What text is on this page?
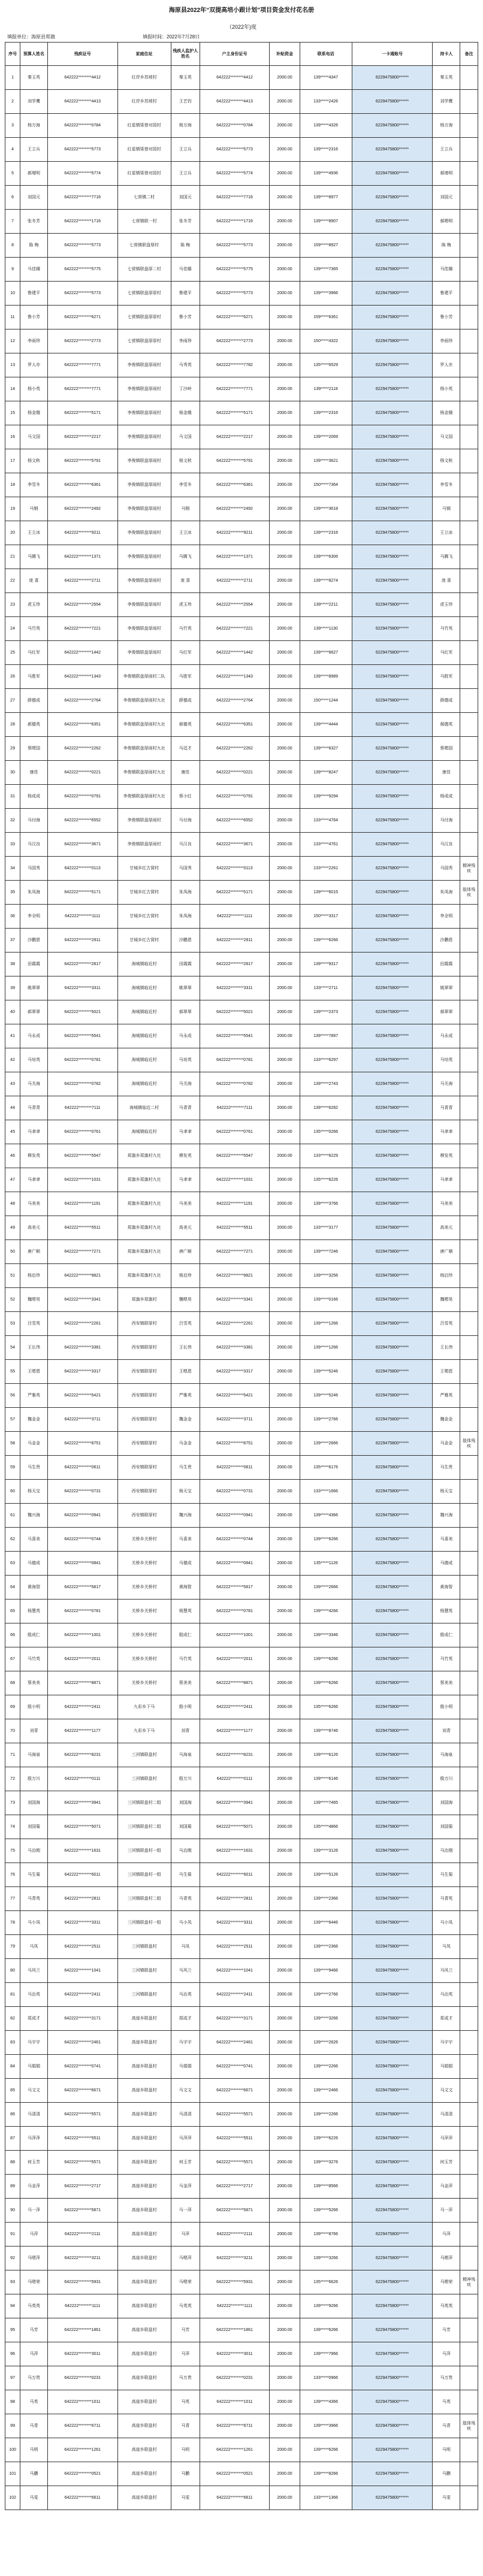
海原县2022年“双提高培小跟计划”项目资金发付花名册
（2022年)度
填报单位：海原县郑旗	填报时间：2022年7月28日
序号	预算人姓名	残疾证号	家庭住址	残疾人监护人姓名	户主身份证号	补贴资金	联系电话	一卡通账号	持卡人	备注
1	秦玉英	642222********4412	红岸乡苏坡村	秦玉英	642222********4412	2000.00	139*****4347	6229475800******	秦玉英	
2	刘学鹰	642222********4413	红岸乡苏坡村	王艺钧	642222********4413	2000.00	133*****2426	6229475800******	刘学鹰	
3	杨万海	642222********0784	红星镇梁登对园村	杨万海	642222********0784	2000.00	139*****4326	6229475800******	杨万海	
4	王立兵	642222********5773	红星镇梁登对园村	王立兵	642222********5773	2000.00	139*****2316	6229475800******	王立兵	
5	郝增明	642222********5774	红星镇梁登对园村	王立兵	642222********5774	2000.00	139*****4936	6229475800******	郝增明	
6	刘国元	642222********7716	七营镇二村	刘国元	642222********7716	2000.00	139*****8977	6229475800******	刘国元	
7	张冬芳	642222********1716	七营镇联一村	张冬芳	642222********1716	2000.00	139*****8907	6229475800******	郝嗯明	
8	陈 梅	642222********5773	七营镇联盘厚村	陈 梅	642222********5773	2000.00	159*****8927	6229475800******	陈 梅	
9	马佳娜	642222********5775	七营镇联盘厚二村	马佳娜	642222********5775	2000.00	139*****7365	6229475800******	马佳娜	
10	鲁建平	642222********5773	七营镇联盘厚厚村	鲁建平	642222********5773	2000.00	139*****3966	6229475800******	鲁建平	
11	鲁小芳	642222********6271	七营镇联盘厚厚村	鲁小芳	642222********6271	2000.00	159*****6361	6229475800******	鲁小芳	
12	李雨珍	642222********2773	七营镇联盘厚厚村	李雨珍	642222********2773	2000.00	150*****4322	6229475800******	李雨珍	
13	罗人亦	642222********7771	李俊镇联盘厚雨村	马秀英	642222********7782	2000.00	135*****6529	6229475800******	罗人亦	
14	杨小英	642222********7771	李俊镇联盘厚雨村	丁沙岭	642222********7771	2000.00	139*****2118	6229475800******	杨小英	
15	杨金娥	642222********5171	李俊镇联盘厚雨村	杨金娥	642222********5171	2000.00	139*****2316	6229475800******	杨金娥	
16	马文国	642222********2217	李俊镇联盘厚雨村	马文国	642222********2217	2000.00	139*****2069	6229475800******	马文国	
17	杨文秋	642222********5791	李俊镇联盘厚雨村	杨文秋	642222********5791	2000.00	139*****3621	6229475800******	杨文秋	
18	李雪冬	642222********6361	李俊镇联盘厚雨村	李雪冬	642222********6361	2000.00	150*****7364	6229475800******	李雪冬	
19	马钢	642222********2492	李俊镇联盘厚雨村	马钢	642222********2492	2000.00	139*****3618	6229475800******	马钢	
20	王立冰	642222********9211	李俊镇联盘厚雨村	王立冰	642222********9211	2000.00	139*****2316	6229475800******	王立冰	
21	马腾飞	642222********1371	李俊镇联盘厚雨村	马腾飞	642222********1371	2000.00	139*****6306	6229475800******	马腾飞	
22	庞 喜	642222********2711	李俊镇联盘厚雨村	庞 喜	642222********2711	2000.00	139*****8274	6229475800******	庞 喜	
23	虎玉珍	642222********2554	李俊镇联盘厚雨村	虎玉珍	642222********2554	2000.00	139*****2211	6229475800******	虎玉珍	
24	马竹英	642222********7221	李俊镇联盘厚雨村	马竹英	642222********7221	2000.00	139*****1130	6229475800******	马竹英	
25	马红军	642222********1442	李俊镇联盘厚雨村	马红军	642222********1442	2000.00	139*****6627	6229475800******	马红军	
26	马胜军	642222********1343	李俊镇联盘厚雨村二队	马胜军	642222********1343	2000.00	139*****8989	6229475800******	马胜军	
27	薛德成	642222********2764	李俊镇联盘厚雨村九社	薛德成	642222********2764	2000.00	150*****1244	6229475800******	薛德成	
28	郝德英	642222********6351	李俊镇联盘厚雨村九社	郝德英	642222********6351	2000.00	139*****4444	6229475800******	郝德英	
29	蔡嗯国	642222********2262	李俊镇联盘厚雨村九社	马廷才	642222********2262	2000.00	139*****6327	6229475800******	蔡嗯国	
30	康佳	642222********0221	李俊镇联盘厚雨村九社	康佳	642222********0221	2000.00	139*****8247	6229475800******	康佳	
31	杨成成	642222********0791	李俊镇联盘厚雨村九社	蔡小红	642222********0791	2000.00	139*****9294	6229475800******	杨成成	
32	马付海	642222********6552	李俊镇联盘厚雨村	马付海	642222********6552	2000.00	133*****4764	6229475800******	马付海	
33	马汉良	642222********3671	李俊镇联盘厚雨村	马汉良	642222********3671	2000.00	133*****4761	6229475800******	马汉良	
34	马国秀	642222********0113	甘城乡红古窝村	马国秀	642222********0113	2000.00	133*****2261	6229475800******	马国秀	精神残疾
35	朱凤海	642222********5171	甘城乡红古窝村	朱凤海	642222********5171	2000.00	139*****6015	6229475800******	朱凤海	肢体残疾
36	李全明	642222********1111	甘城乡红古窝村	朱凤海	642222********1111	2000.00	150*****3317	6229475800******	李全明	
37	沙鹏恩	642222********2911	甘城乡红古窝村	沙鹏恩	642222********2911	2000.00	139*****6266	6229475800******	沙鹏恩	
38	田霞霞	642222********2817	海城镇临近村	田霞霞	642222********2817	2000.00	139*****9317	6229475800******	田霞霞	
39	姚翠翠	642222********3311	海城镇临近村	姚翠翠	642222********3311	2000.00	133*****2711	6229475800******	姚翠翠	
40	郝翠翠	642222********5021	海城镇临近村	郝翠翠	642222********5021	2000.00	139*****2373	6229475800******	郝翠翠	
41	马永成	642222********5541	海城镇临近村	马永成	642222********5541	2000.00	139*****7897	6229475800******	马永成	
42	马培英	642222********0781	海城镇临近村	马培英	642222********0781	2000.00	133*****6297	6229475800******	马培英	
43	马关海	642222********0782	海城镇临近村	马关海	642222********0782	2000.00	139*****2743	6229475800******	马关海	
44	马青青	642222********7111	海城镇临近二村	马青青	642222********7111	2000.00	139*****6282	6229475800******	马青青	
45	马聿聿	642222********0761	海城镇临近村	马聿聿	642222********0761	2000.00	135*****0266	6229475800******	马聿聿	
46	穆发英	642222********5547	郑旗乡郑旗村九社	穆发英	642222********5547	2000.00	133*****6229	6229475800******	穆发英	
47	马聿聿	642222********1031	郑旗乡郑旗村九社	马聿聿	642222********1031	2000.00	135*****6226	6229475800******	马聿聿	
48	马美美	642222********1191	郑旗乡郑旗村九社	马美美	642222********1191	2000.00	139*****3766	6229475800******	马美美	
49	高美元	642222********5511	郑旗乡郑旗村九社	高美元	642222********5511	2000.00	133*****3177	6229475800******	高美元	
50	唐广顺	642222********7271	郑旗乡郑旗村九社	唐广顺	642222********7271	2000.00	139*****7246	6229475800******	唐广顺	
51	杨启珍	642222********9821	郑旗乡郑旗村九社	杨启珍	642222********9821	2000.00	139*****3256	6229475800******	杨启珍	
52	魏嗯昊	642222********3341	郑旗乡郑旗村	魏嗯昊	642222********3341	2000.00	139*****0166	6229475800******	魏嗯昊	
53	吕雪英	642222********2261	西安镇联厚村	吕雪英	642222********2261	2000.00	139*****1266	6229475800******	吕雪英	
54	王长伟	642222********3381	西安镇联厚村	王长伟	642222********3381	2000.00	139*****1266	6229475800******	王长伟	
55	王嗯恩	642222********3317	西安镇联厚村	王嗯恩	642222********3317	2000.00	139*****5246	6229475800******	王嗯恩	
56	严雅英	642222********5421	西安镇联厚村	严雅英	642222********5421	2000.00	139*****5246	6229475800******	严雅英	
57	魏金金	642222********3711	西安镇联厚村	魏金金	642222********3711	2000.00	139*****2766	6229475800******	魏金金	
58	马金金	642222********8751	西安镇联厚村	马金金	642222********8751	2000.00	139*****2666	6229475800******	马金金	肢体残疾
59	马生贵	642222********0611	西安镇联厚村	马生贵	642222********0611	2000.00	135*****6176	6229475800******	马生贵	
60	杨天宝	642222********0731	西安镇联厚村	杨天宝	642222********0731	2000.00	133*****1666	6229475800******	杨天宝	
61	魏兴海	642222********0941	西安镇联厚村	魏兴海	642222********0941	2000.00	139*****4366	6229475800******	魏兴海	
62	马喜美	642222********0744	关桥乡关桥村	马喜美	642222********0744	2000.00	139*****6266	6229475800******	马喜美	
63	马德成	642222********0841	关桥乡关桥村	马德成	642222********0841	2000.00	135*****1126	6229475800******	马德成	
64	黄海智	642222********5817	关桥乡关桥村	黄海智	642222********5817	2000.00	139*****2666	6229475800******	黄海智	
65	杨慧英	642222********0781	关桥乡关桥村	杨慧英	642222********0781	2000.00	139*****4266	6229475800******	杨慧英	
66	殷成仁	642222********1001	关桥乡关桥村	殷成仁	642222********1001	2000.00	139*****3346	6229475800******	殷成仁	
67	马竹英	642222********2011	关桥乡关桥村	马竹英	642222********2011	2000.00	139*****6266	6229475800******	马竹英	
68	蔡美美	642222********8871	关桥乡关桥村	蔡美美	642222********8871	2000.00	139*****6266	6229475800******	蔡美美	
69	殷小明	642222********2411	九彩乡下马	殷小明	642222********2411	2000.00	135*****6266	6229475800******	殷小明	
70	刘青	642222********1177	九彩乡下马	刘青	642222********1177	2000.00	139*****8746	6229475800******	刘青	
71	马海泉	642222********8231	三河镇联盘村	马海泉	642222********8231	2000.00	139*****6126	6229475800******	马海泉	
72	殷万川	642222********0111	三河镇联盘村	殷万川	642222********0111	2000.00	139*****6146	6229475800******	殷万川	
73	刘国海	642222********3941	三河镇联盘村二组	刘国海	642222********3941	2000.00	139*****7465	6229475800******	刘国海	
74	刘国菊	642222********5071	三河镇联盘村二组	刘国菊	642222********5071	2000.00	135*****4866	6229475800******	刘国菊	
75	马治刚	642222********1631	三河镇联盘村一组	马治刚	642222********1631	2000.00	139*****3126	6229475800******	马治刚	
76	马生菊	642222********6011	三河镇联盘村一组	马生菊	642222********6011	2000.00	139*****5126	6229475800******	马生菊	
77	马青英	642222********2811	三河镇联盘村二组	马青英	642222********2811	2000.00	139*****2366	6229475800******	马青英	
78	马小凤	642222********3311	三河镇联盘村一组	马小凤	642222********3311	2000.00	139*****6446	6229475800******	马小凤	
79	马凤	642222********2511	三河镇联盘村	马凤	642222********2511	2000.00	139*****2366	6229475800******	马凤	
80	马风兰	642222********1041	三河镇联盘村	马风兰	642222********1041	2000.00	139*****9466	6229475800******	马风兰	
81	马治英	642222********2411	三河镇联盘村	马治英	642222********2411	2000.00	139*****2766	6229475800******	马治英	
82	郑成才	642222********3171	高崖乡联盘村	郑成才	642222********3171	2000.00	139*****3266	6229475800******	郑成才	
83	马宇宇	642222********2461	高崖乡联盘村	马宇宇	642222********2461	2000.00	139*****2626	6229475800******	马宇宇	
84	马娟娟	642222********0741	高崖乡联盘村	马娟娟	642222********0741	2000.00	139*****2266	6229475800******	马娟娟	
85	马文文	642222********6671	高崖乡联盘村	马文文	642222********6671	2000.00	139*****2466	6229475800******	马文文	
86	马清清	642222********5571	高崖乡联盘村	马清清	642222********5571	2000.00	139*****2266	6229475800******	马清清	
87	马萍萍	642222********5511	高崖乡联盘村	马萍萍	642222********5511	2000.00	139*****6226	6229475800******	马萍萍	
88	何玉芳	642222********5571	高崖乡联盘村	何玉芳	642222********5571	2000.00	139*****3276	6229475800******	何玉芳	
89	马金萍	642222********2717	高崖乡联盘村	马金萍	642222********2717	2000.00	139*****8566	6229475800******	马金萍	
90	马一萍	642222********5871	高崖乡联盘村	马一萍	642222********5871	2000.00	139*****5266	6229475800******	马一萍	
91	马萍	642222********2111	高崖乡联盘村	马萍	642222********2111	2000.00	139*****8766	6229475800******	马萍	
92	马嗯萍	642222********3211	高崖乡联盘村	马嗯萍	642222********3211	2000.00	139*****3266	6229475800******	马嗯萍	
93	马嗯荣	642222********5931	高崖乡联盘村	马嗯荣	642222********5931	2000.00	135*****6626	6229475800******	马嗯荣	精神残疾
94	马英英	642222********1111	高崖乡联盘村	马英英	642222********1111	2000.00	139*****9266	6229475800******	马英英	
95	马芳	642222********1861	高崖乡联盘村	马芳	642222********1861	2000.00	139*****6266	6229475800******	马芳	
96	马萍	642222********3011	高崖乡联盘村	马萍	642222********3011	2000.00	139*****7966	6229475800******	马萍	
97	马万贵	642222********0231	高崖乡联盘村	马万贵	642222********0231	2000.00	133*****0966	6229475800******	马万贵	
98	马英	642222********1011	高崖乡联盘村	马英	642222********1011	2000.00	139*****4366	6229475800******	马英	
99	马青	642222********6711	高崖乡联盘村	马青	642222********6711	2000.00	139*****3966	6229475800******	马青	肢体残疾
100	马明	642222********1261	高崖乡联盘村	马明	642222********1261	2000.00	139*****6266	6229475800******	马明	
101	马鹏	642222********0521	高崖乡联盘村	马鹏	642222********0521	2000.00	139*****8266	6229475800******	马鹏	
102	马雯	642222********6611	高崖乡联盘村	马雯	642222********6611	2000.00	133*****1366	6229475800******	马雯	
